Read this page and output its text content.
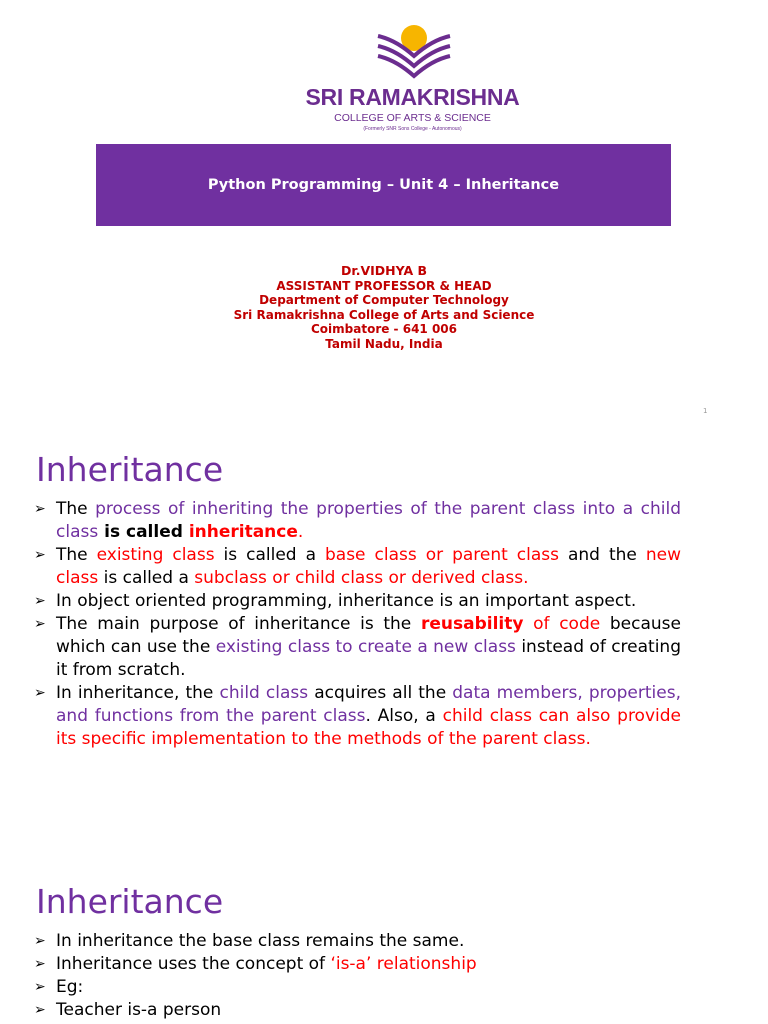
SRI RAMAKRISHNA
COLLEGE OF ARTS & SCIENCE
(Formerly SNR Sons College - Autonomous)
Python Programming – Unit 4 – Inheritance
Dr.VIDHYA B
ASSISTANT PROFESSOR & HEAD
Department of Computer Technology
Sri Ramakrishna College of Arts and Science
Coimbatore - 641 006
Tamil Nadu, India
1
Inheritance
➢ The process of inheriting the properties of the parent class into a child class is called inheritance.
➢ The existing class is called a base class or parent class and the new class is called a subclass or child class or derived class.
➢ In object oriented programming, inheritance is an important aspect.
➢ The main purpose of inheritance is the reusability of code because which can use the existing class to create a new class instead of creating it from scratch.
➢ In inheritance, the child class acquires all the data members, properties, and functions from the parent class. Also, a child class can also provide its specific implementation to the methods of the parent class.
Inheritance
➢ In inheritance the base class remains the same.
➢ Inheritance uses the concept of ‘is-a’ relationship
➢ Eg:
➢ Teacher is-a person
